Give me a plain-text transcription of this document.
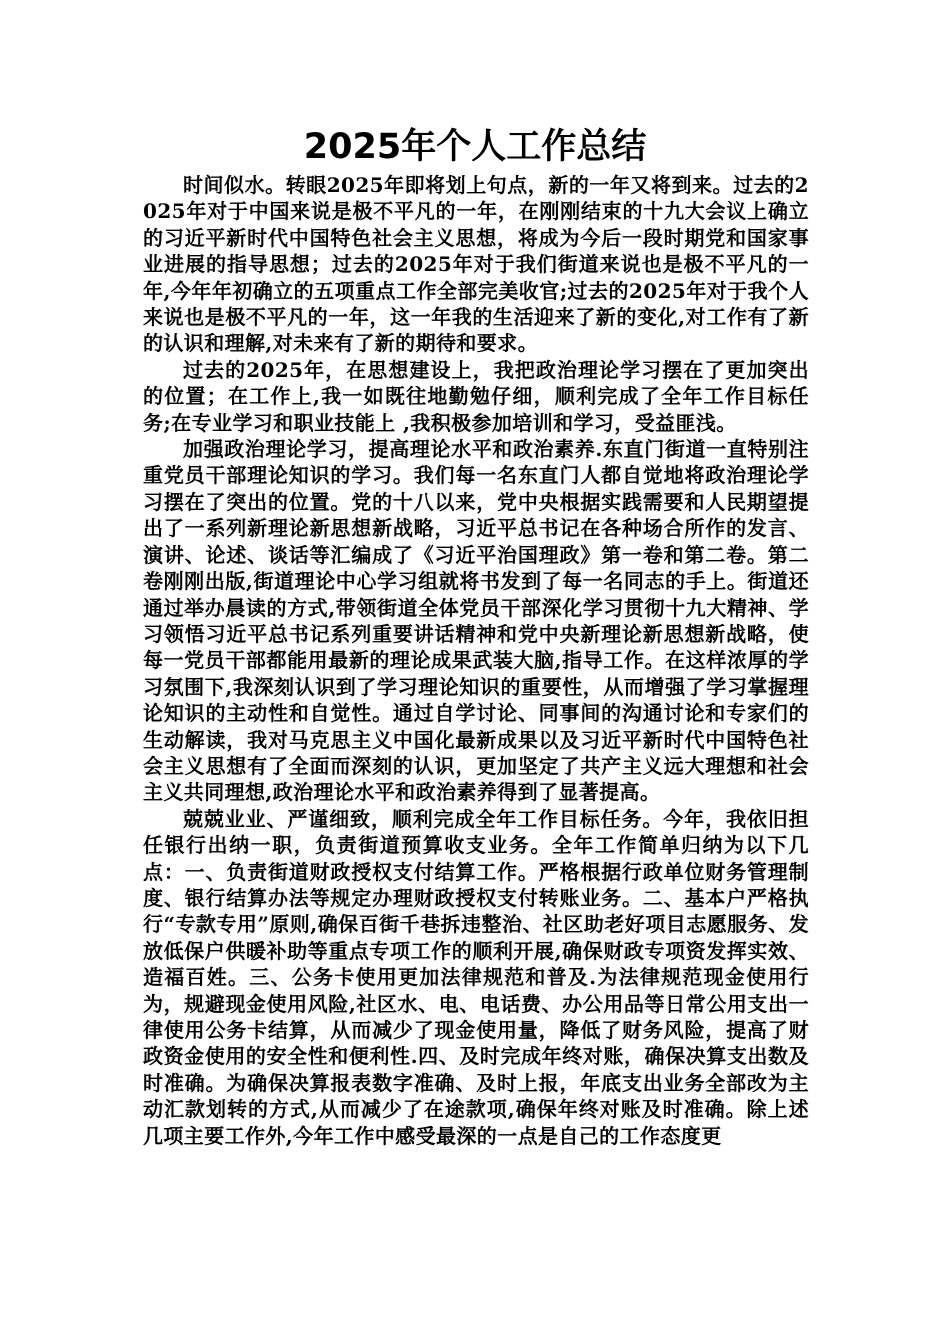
2025年个人工作总结

时间似水。转眼2025年即将划上句点，新的一年又将到来。过去的2025年对于中国来说是极不平凡的一年，在刚刚结束的十九大会议上确立的习近平新时代中国特色社会主义思想，将成为今后一段时期党和国家事业进展的指导思想；过去的2025年对于我们街道来说也是极不平凡的一年,今年年初确立的五项重点工作全部完美收官;过去的2025年对于我个人来说也是极不平凡的一年，这一年我的生活迎来了新的变化,对工作有了新的认识和理解,对未来有了新的期待和要求。

过去的2025年，在思想建设上，我把政治理论学习摆在了更加突出的位置；在工作上,我一如既往地勤勉仔细，顺利完成了全年工作目标任务;在专业学习和职业技能上 ,我积极参加培训和学习，受益匪浅。

加强政治理论学习，提高理论水平和政治素养.东直门街道一直特别注重党员干部理论知识的学习。我们每一名东直门人都自觉地将政治理论学习摆在了突出的位置。党的十八以来，党中央根据实践需要和人民期望提出了一系列新理论新思想新战略，习近平总书记在各种场合所作的发言、演讲、论述、谈话等汇编成了《习近平治国理政》第一卷和第二卷。第二卷刚刚出版,街道理论中心学习组就将书发到了每一名同志的手上。街道还通过举办晨读的方式,带领街道全体党员干部深化学习贯彻十九大精神、学习领悟习近平总书记系列重要讲话精神和党中央新理论新思想新战略，使每一党员干部都能用最新的理论成果武装大脑,指导工作。在这样浓厚的学习氛围下,我深刻认识到了学习理论知识的重要性，从而增强了学习掌握理论知识的主动性和自觉性。通过自学讨论、同事间的沟通讨论和专家们的生动解读，我对马克思主义中国化最新成果以及习近平新时代中国特色社会主义思想有了全面而深刻的认识，更加坚定了共产主义远大理想和社会主义共同理想,政治理论水平和政治素养得到了显著提高。

兢兢业业、严谨细致，顺利完成全年工作目标任务。今年，我依旧担任银行出纳一职，负责街道预算收支业务。全年工作简单归纳为以下几点：一、负责街道财政授权支付结算工作。严格根据行政单位财务管理制度、银行结算办法等规定办理财政授权支付转账业务。二、基本户严格执行“专款专用”原则,确保百街千巷拆违整治、社区助老好项目志愿服务、发放低保户供暖补助等重点专项工作的顺利开展,确保财政专项资发挥实效、造福百姓。三、公务卡使用更加法律规范和普及.为法律规范现金使用行为，规避现金使用风险,社区水、电、电话费、办公用品等日常公用支出一律使用公务卡结算，从而减少了现金使用量，降低了财务风险，提高了财政资金使用的安全性和便利性.四、及时完成年终对账，确保决算支出数及时准确。为确保决算报表数字准确、及时上报，年底支出业务全部改为主动汇款划转的方式,从而减少了在途款项,确保年终对账及时准确。除上述几项主要工作外,今年工作中感受最深的一点是自己的工作态度更
